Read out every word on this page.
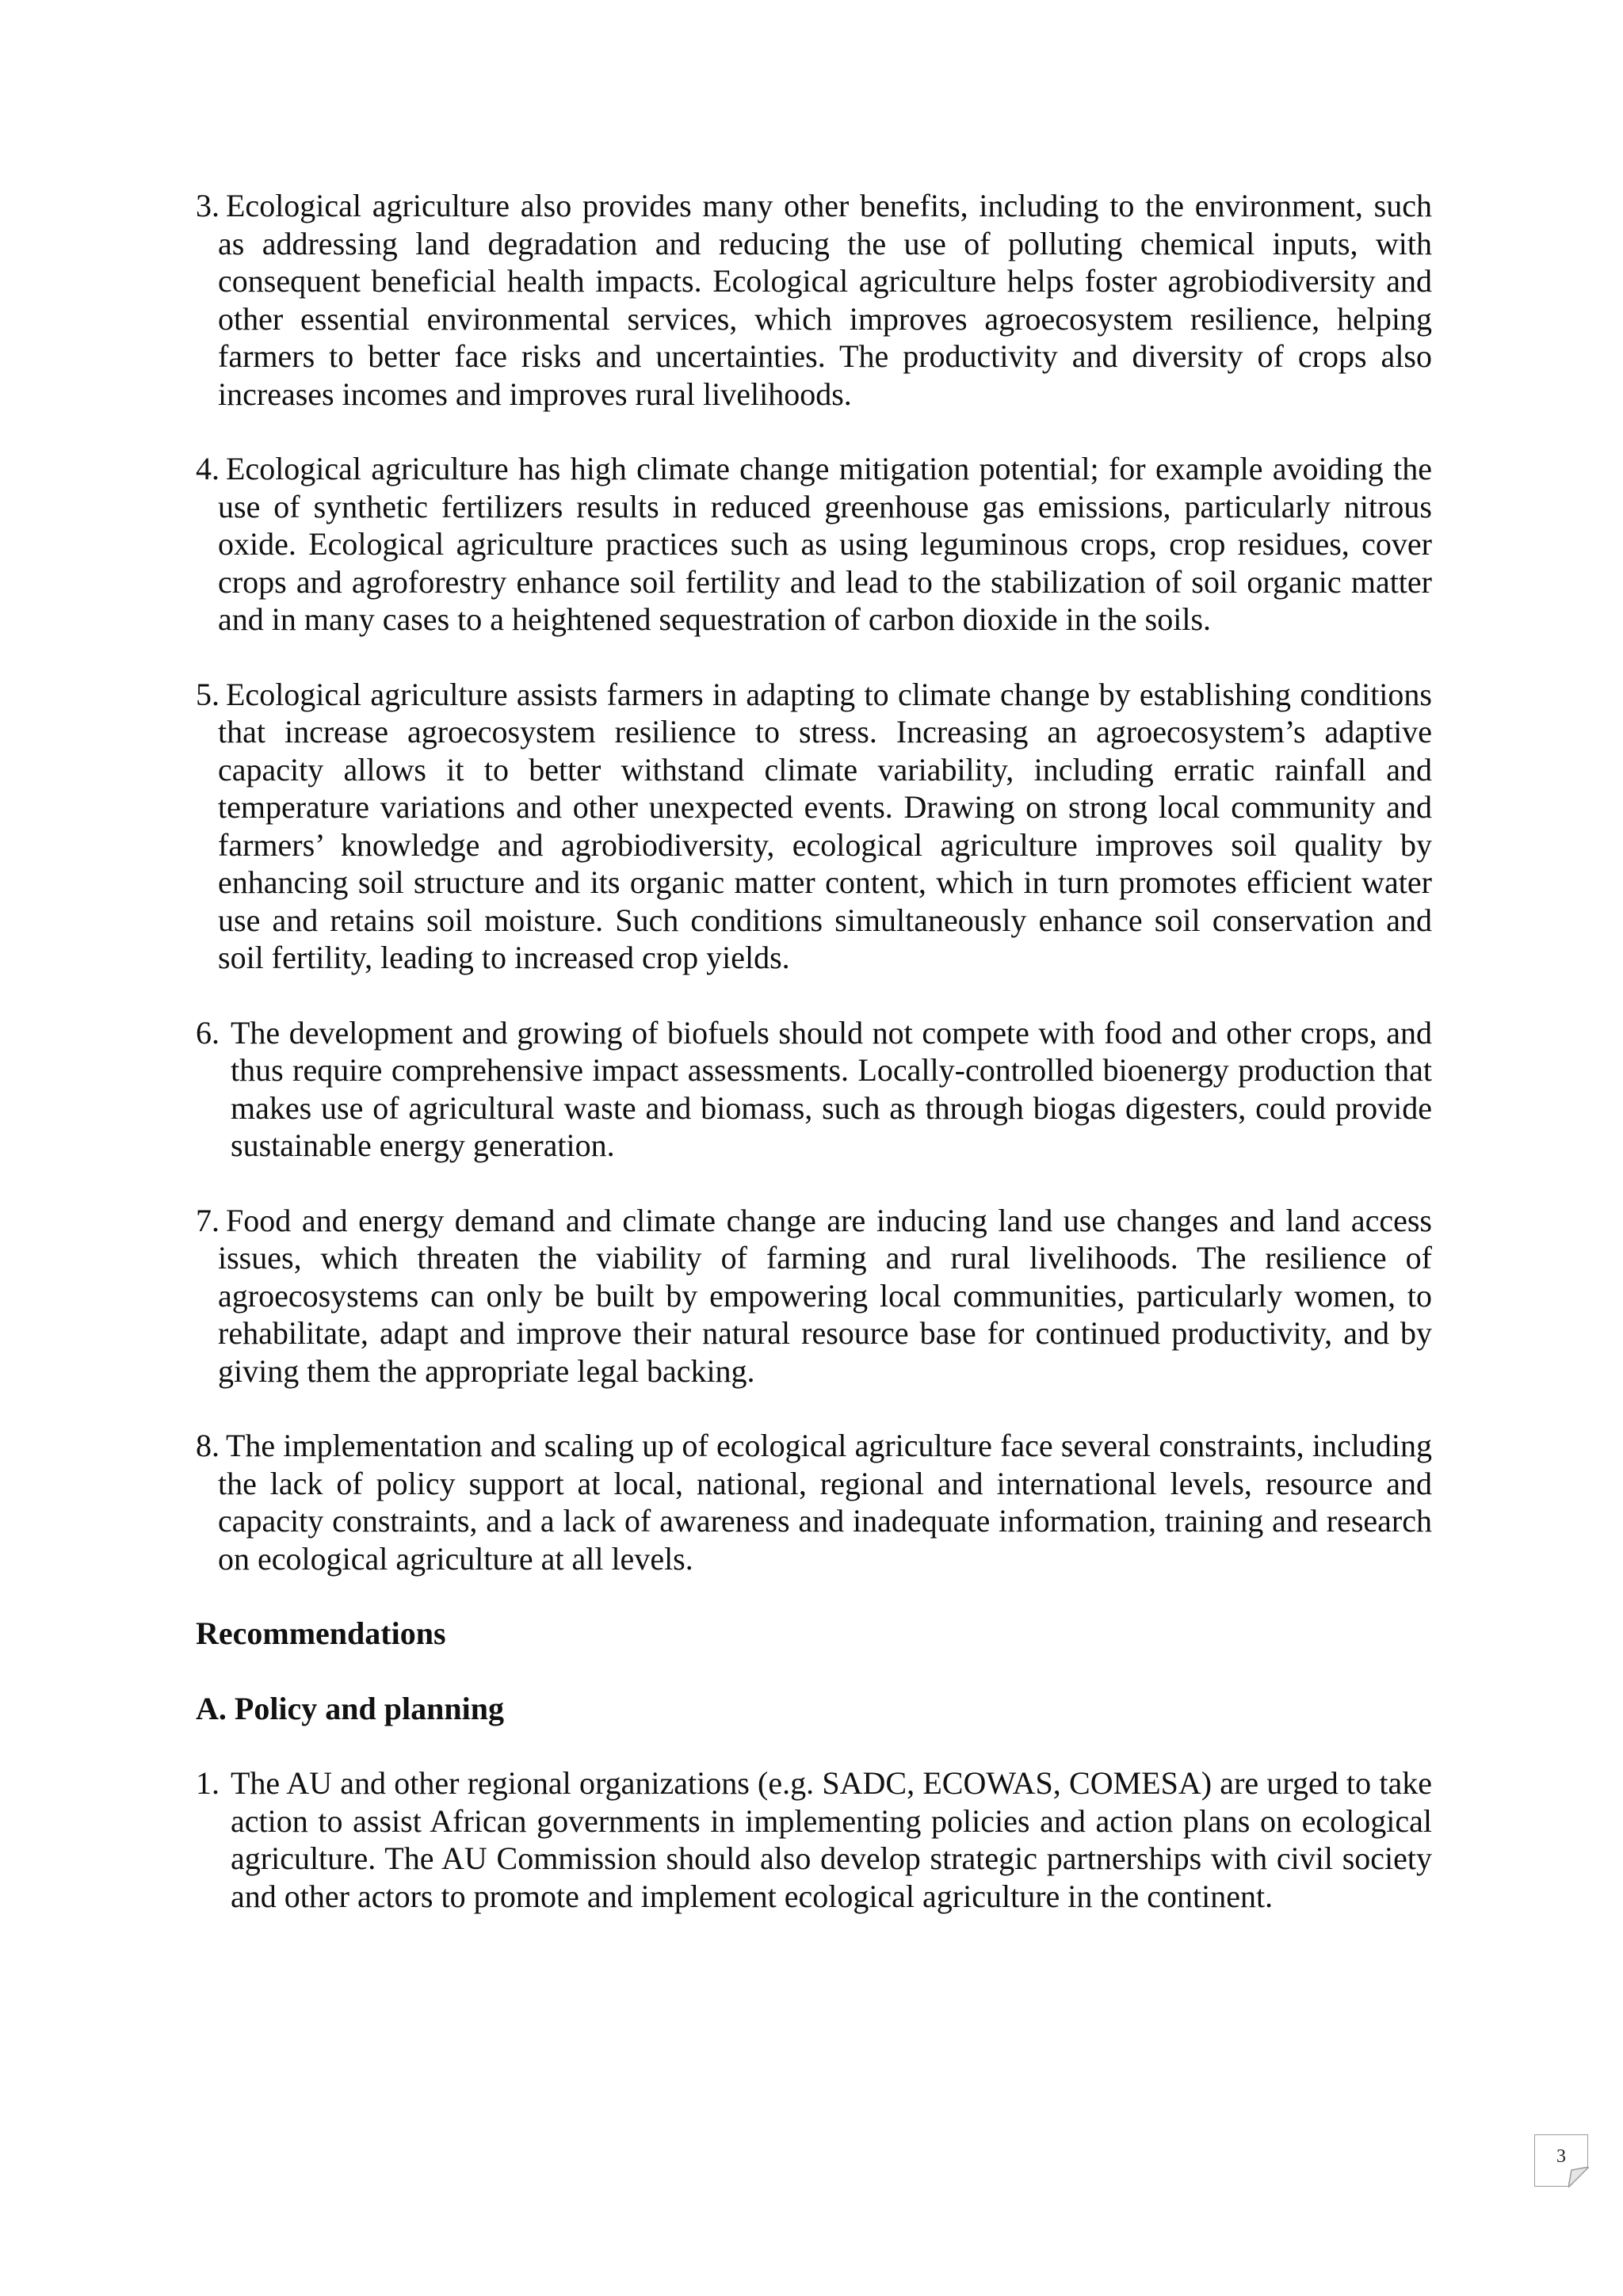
3. Ecological agriculture also provides many other benefits, including to the environment, such as addressing land degradation and reducing the use of polluting chemical inputs, with consequent beneficial health impacts. Ecological agriculture helps foster agrobiodiversity and other essential environmental services, which improves agroecosystem resilience, helping farmers to better face risks and uncertainties. The productivity and diversity of crops also increases incomes and improves rural livelihoods.
4. Ecological agriculture has high climate change mitigation potential; for example avoiding the use of synthetic fertilizers results in reduced greenhouse gas emissions, particularly nitrous oxide. Ecological agriculture practices such as using leguminous crops, crop residues, cover crops and agroforestry enhance soil fertility and lead to the stabilization of soil organic matter and in many cases to a heightened sequestration of carbon dioxide in the soils.
5. Ecological agriculture assists farmers in adapting to climate change by establishing conditions that increase agroecosystem resilience to stress. Increasing an agroecosystem’s adaptive capacity allows it to better withstand climate variability, including erratic rainfall and temperature variations and other unexpected events. Drawing on strong local community and farmers’ knowledge and agrobiodiversity, ecological agriculture improves soil quality by enhancing soil structure and its organic matter content, which in turn promotes efficient water use and retains soil moisture. Such conditions simultaneously enhance soil conservation and soil fertility, leading to increased crop yields.
6. The development and growing of biofuels should not compete with food and other crops, and thus require comprehensive impact assessments. Locally-controlled bioenergy production that makes use of agricultural waste and biomass, such as through biogas digesters, could provide sustainable energy generation.
7. Food and energy demand and climate change are inducing land use changes and land access issues, which threaten the viability of farming and rural livelihoods. The resilience of agroecosystems can only be built by empowering local communities, particularly women, to rehabilitate, adapt and improve their natural resource base for continued productivity, and by giving them the appropriate legal backing.
8. The implementation and scaling up of ecological agriculture face several constraints, including the lack of policy support at local, national, regional and international levels, resource and capacity constraints, and a lack of awareness and inadequate information, training and research on ecological agriculture at all levels.
Recommendations
A. Policy and planning
1. The AU and other regional organizations (e.g. SADC, ECOWAS, COMESA) are urged to take action to assist African governments in implementing policies and action plans on ecological agriculture. The AU Commission should also develop strategic partnerships with civil society and other actors to promote and implement ecological agriculture in the continent.
3
